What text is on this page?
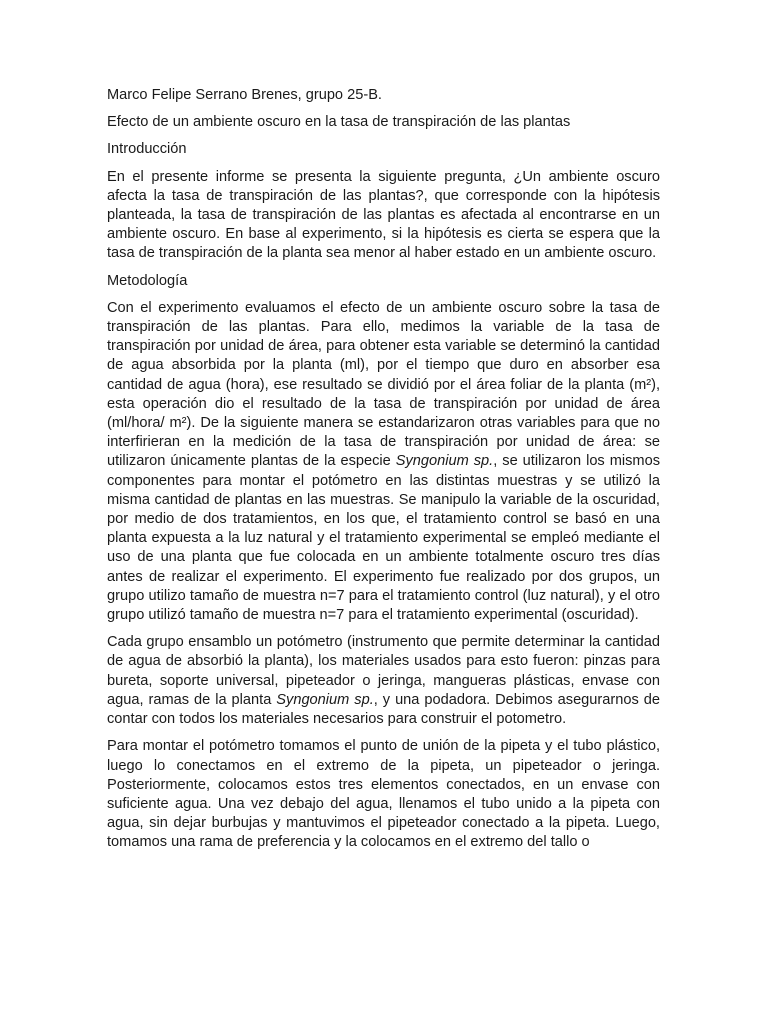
Marco Felipe Serrano Brenes, grupo 25-B.
Efecto de un ambiente oscuro en la tasa de transpiración de las plantas
Introducción

En el presente informe se presenta la siguiente pregunta, ¿Un ambiente oscuro afecta la tasa de transpiración de las plantas?, que corresponde con la hipótesis planteada, la tasa de transpiración de las plantas es afectada al encontrarse en un ambiente oscuro. En base al experimento, si la hipótesis es cierta se espera que la tasa de transpiración de la planta sea menor al haber estado en un ambiente oscuro.

Metodología

Con el experimento evaluamos el efecto de un ambiente oscuro sobre la tasa de transpiración de las plantas. Para ello, medimos la variable de la tasa de transpiración por unidad de área, para obtener esta variable se determinó la cantidad de agua absorbida por la planta (ml), por el tiempo que duro en absorber esa cantidad de agua (hora), ese resultado se dividió por el área foliar de la planta (m²), esta operación dio el resultado de la tasa de transpiración por unidad de área (ml/hora/ m²). De la siguiente manera se estandarizaron otras variables para que no interfirieran en la medición de la tasa de transpiración por unidad de área: se utilizaron únicamente plantas de la especie Syngonium sp., se utilizaron los mismos componentes para montar el potómetro en las distintas muestras y se utilizó la misma cantidad de plantas en las muestras. Se manipulo la variable de la oscuridad, por medio de dos tratamientos, en los que, el tratamiento control se basó en una planta expuesta a la luz natural y el tratamiento experimental se empleó mediante el uso de una planta que fue colocada en un ambiente totalmente oscuro tres días antes de realizar el experimento. El experimento fue realizado por dos grupos, un grupo utilizo tamaño de muestra n=7 para el tratamiento control (luz natural), y el otro grupo utilizó tamaño de muestra n=7 para el tratamiento experimental (oscuridad).

Cada grupo ensamblo un potómetro (instrumento que permite determinar la cantidad de agua de absorbió la planta), los materiales usados para esto fueron: pinzas para bureta, soporte universal, pipeteador o jeringa, mangueras plásticas, envase con agua, ramas de la planta Syngonium sp., y una podadora. Debimos asegurarnos de contar con todos los materiales necesarios para construir el potometro.

Para montar el potómetro tomamos el punto de unión de la pipeta y el tubo plástico, luego lo conectamos en el extremo de la pipeta, un pipeteador o jeringa. Posteriormente, colocamos estos tres elementos conectados, en un envase con suficiente agua. Una vez debajo del agua, llenamos el tubo unido a la pipeta con agua, sin dejar burbujas y mantuvimos el pipeteador conectado a la pipeta. Luego, tomamos una rama de preferencia y la colocamos en el extremo del tallo o
